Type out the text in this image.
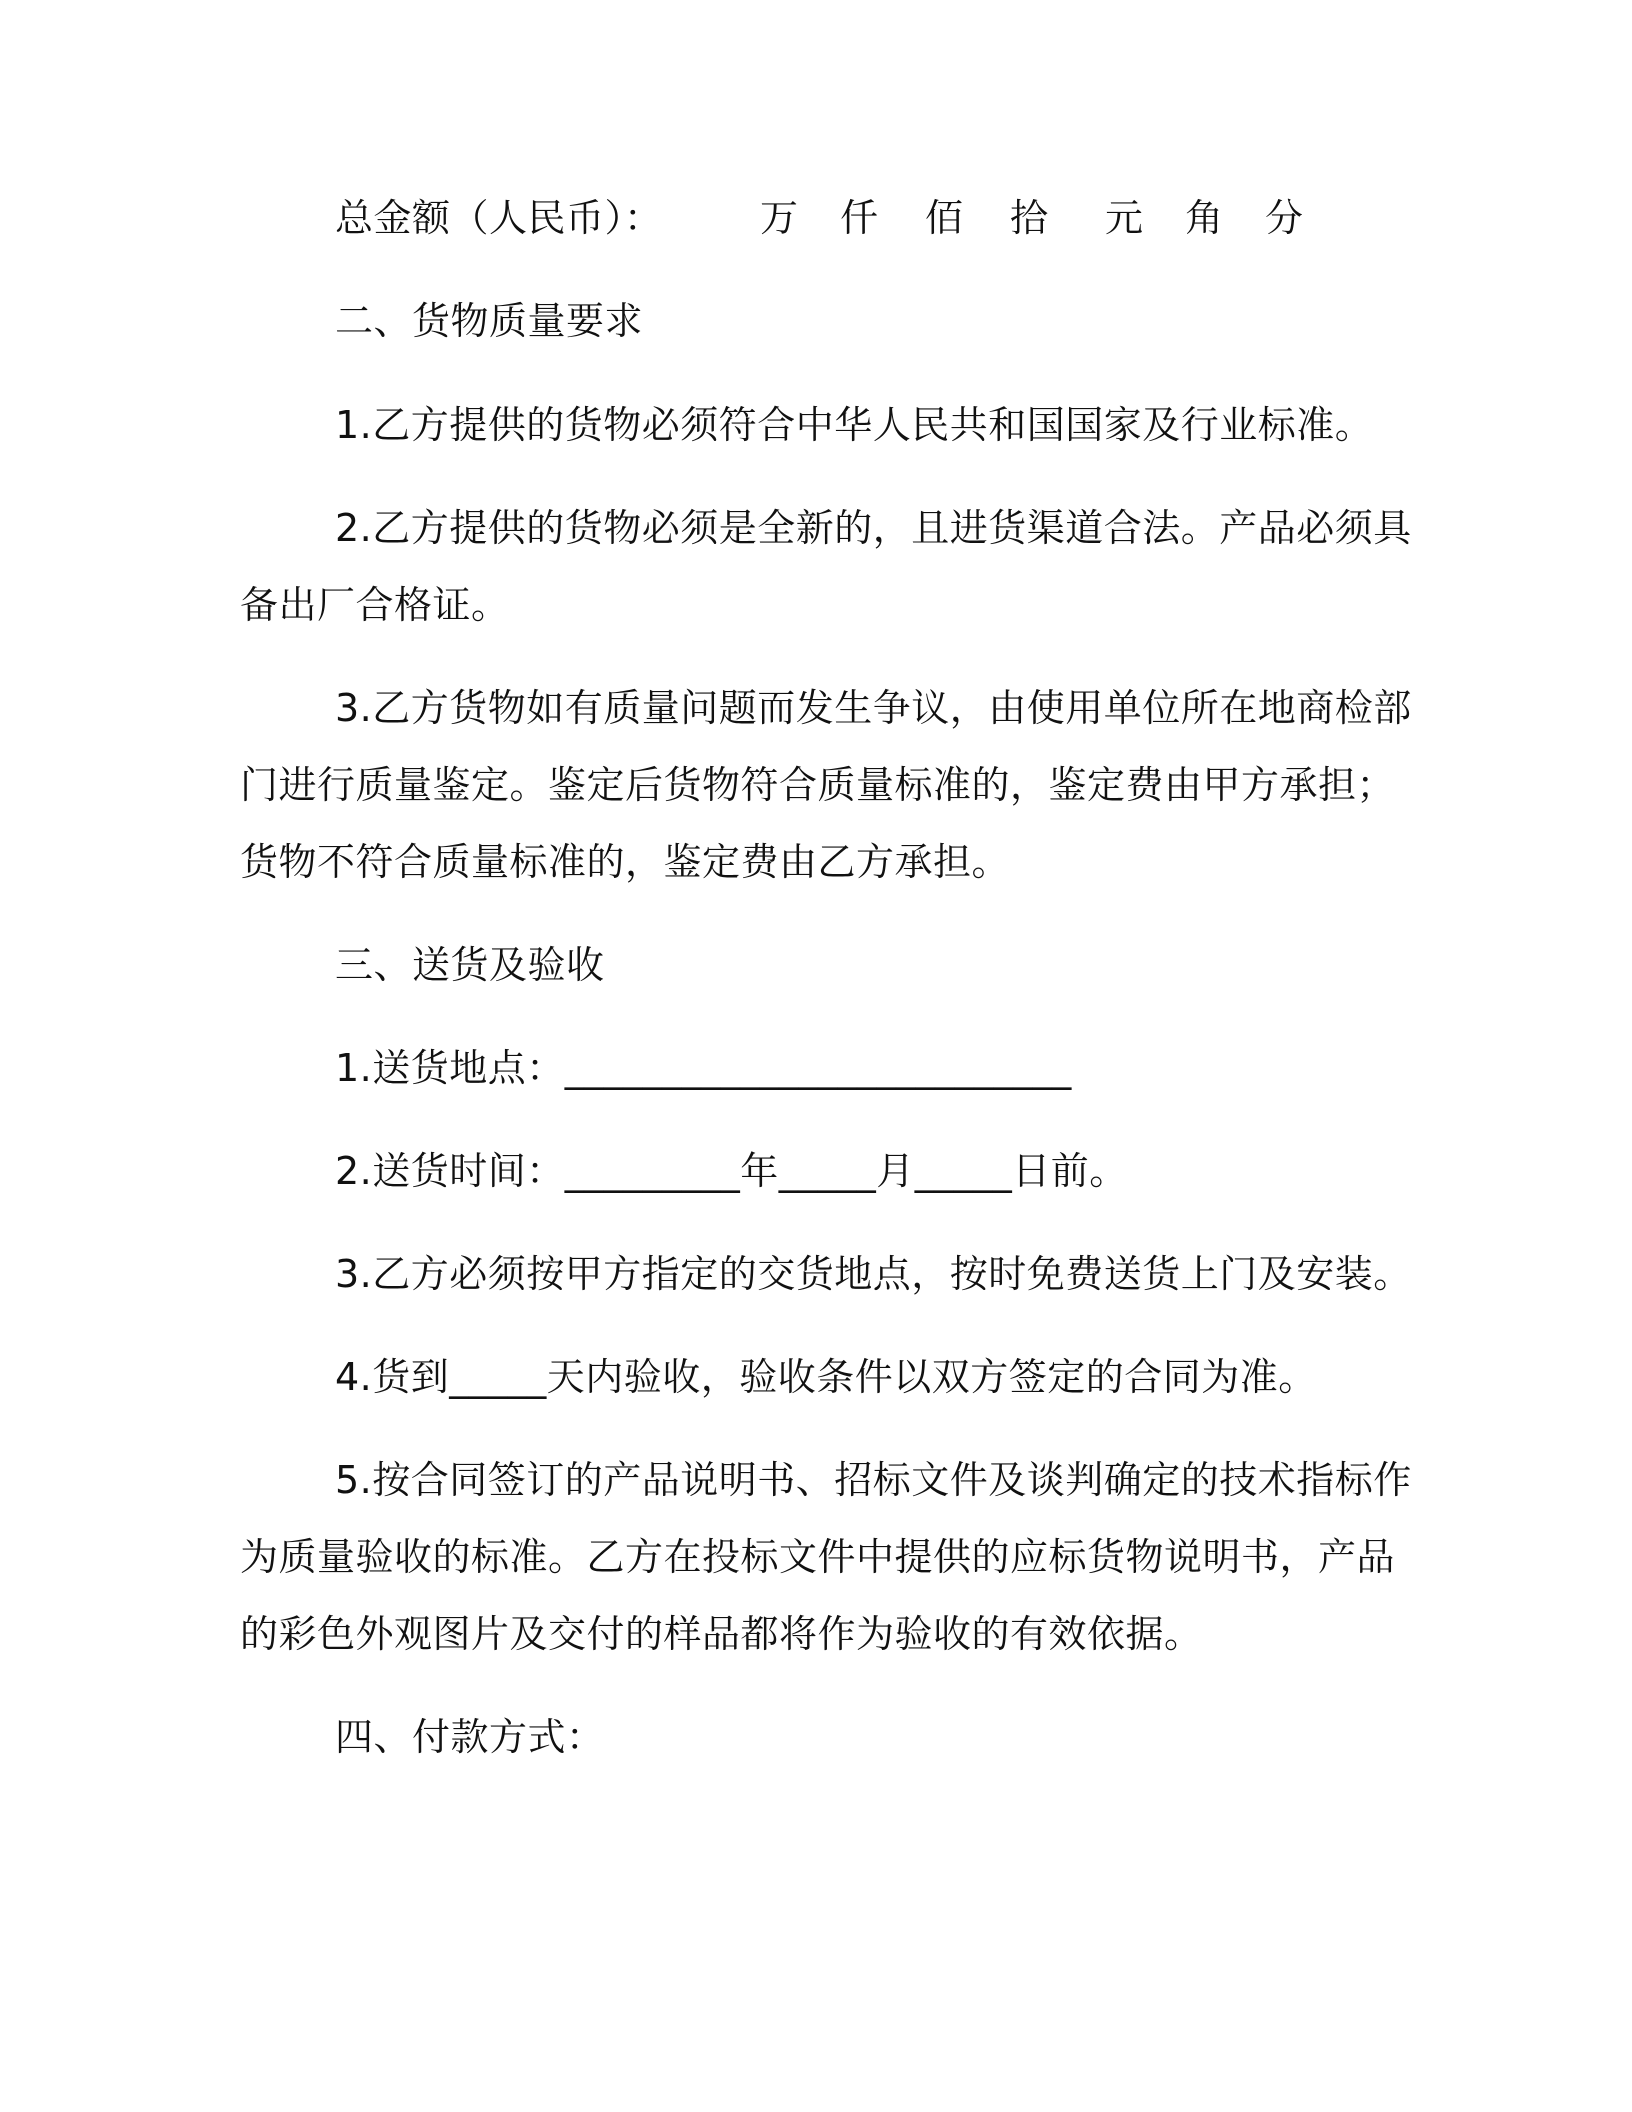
总金额（人民币）：	万 仟 佰 拾 元 角 分
二、货物质量要求
1.乙方提供的货物必须符合中华人民共和国国家及行业标准。
2.乙方提供的货物必须是全新的，且进货渠道合法。产品必须具
备出厂合格证。
3.乙方货物如有质量问题而发生争议，由使用单位所在地商检部
门进行质量鉴定。鉴定后货物符合质量标准的，鉴定费由甲方承担；
货物不符合质量标准的，鉴定费由乙方承担。
三、送货及验收
1.送货地点：__________________________
2.送货时间：_________年_____月_____日前。
3.乙方必须按甲方指定的交货地点，按时免费送货上门及安装。
4.货到_____天内验收，验收条件以双方签定的合同为准。
5.按合同签订的产品说明书、招标文件及谈判确定的技术指标作
为质量验收的标准。乙方在投标文件中提供的应标货物说明书，产品
的彩色外观图片及交付的样品都将作为验收的有效依据。
四、付款方式：
